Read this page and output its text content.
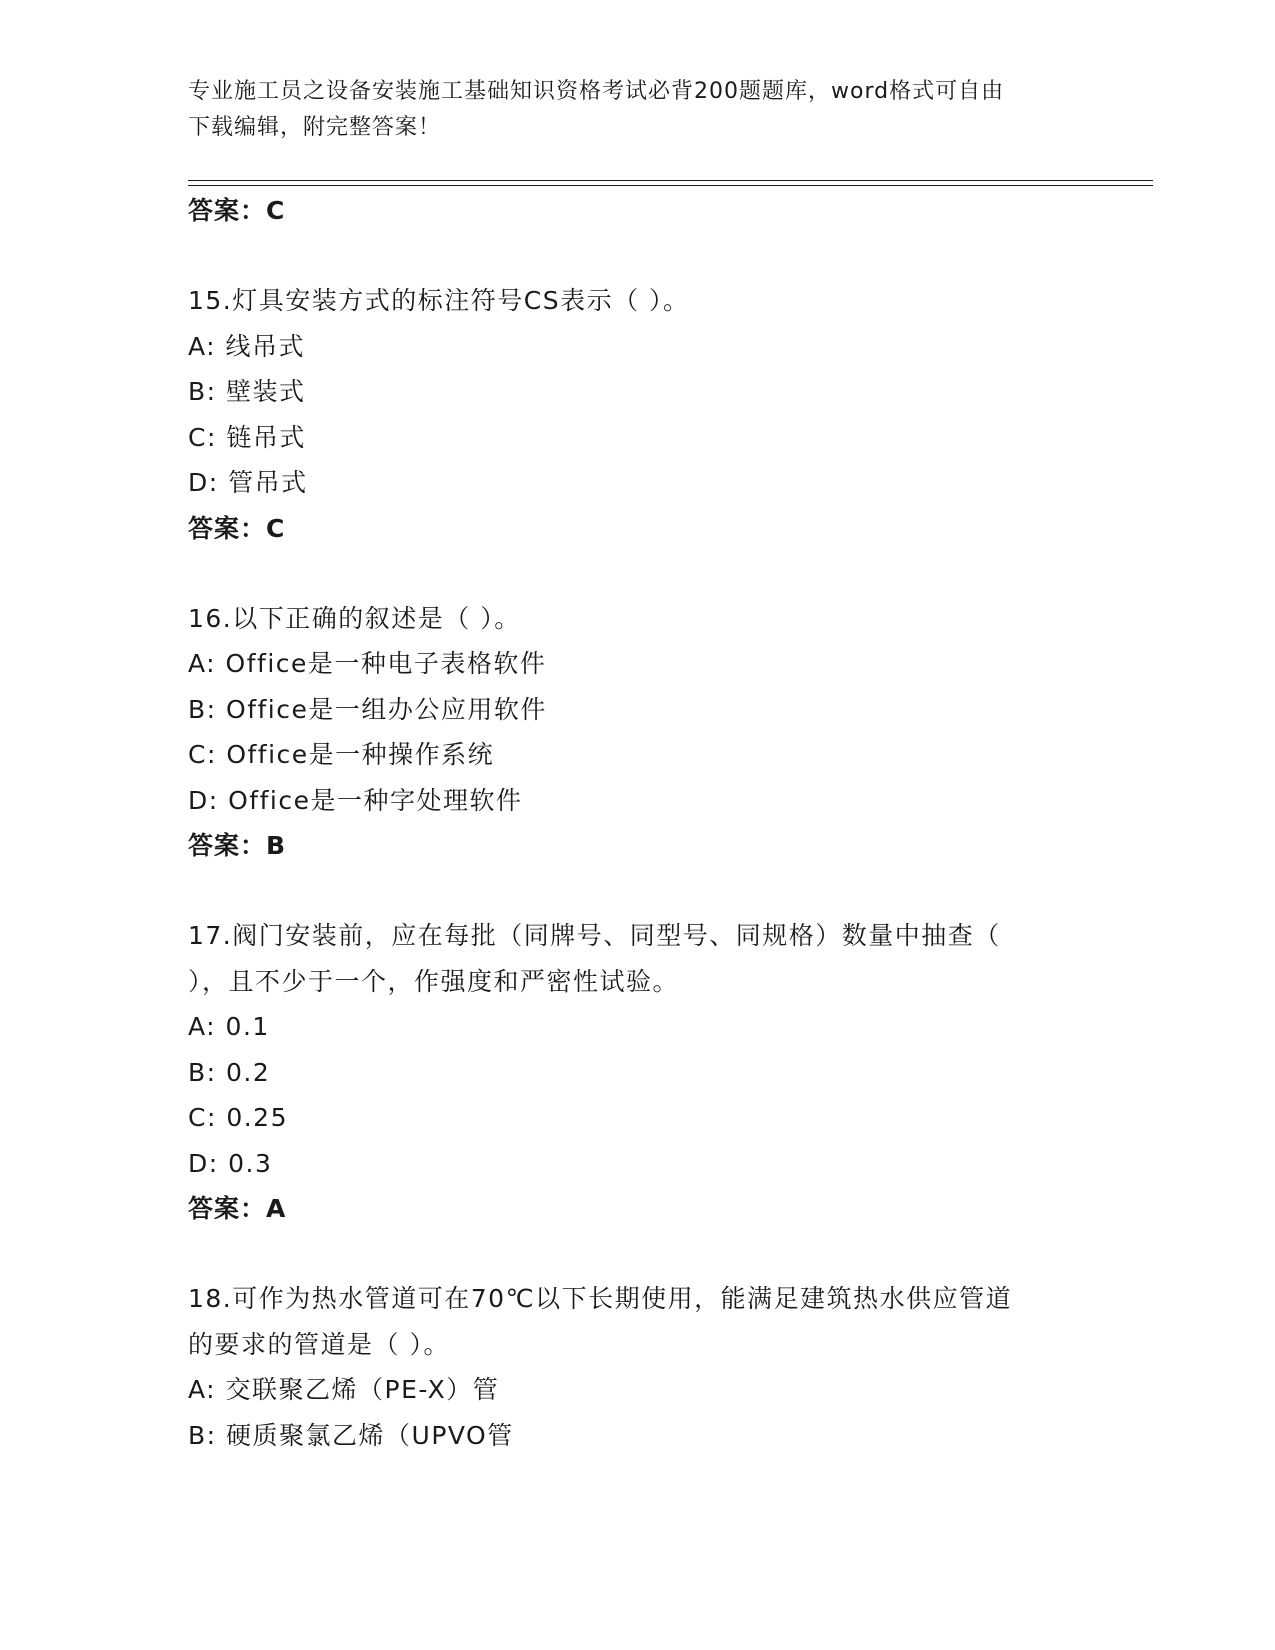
专业施工员之设备安装施工基础知识资格考试必背200题题库，word格式可自由
下载编辑，附完整答案！
答案：C
15.灯具安装方式的标注符号CS表示（ ）。
A: 线吊式
B: 壁装式
C: 链吊式
D: 管吊式
答案：C
16.以下正确的叙述是（ ）。
A: Office是一种电子表格软件
B: Office是一组办公应用软件
C: Office是一种操作系统
D: Office是一种字处理软件
答案：B
17.阀门安装前，应在每批（同牌号、同型号、同规格）数量中抽查（
），且不少于一个，作强度和严密性试验。
A: 0.1
B: 0.2
C: 0.25
D: 0.3
答案：A
18.可作为热水管道可在70℃以下长期使用，能满足建筑热水供应管道
的要求的管道是（ ）。
A: 交联聚乙烯（PE-X）管
B: 硬质聚氯乙烯（UPVO管
